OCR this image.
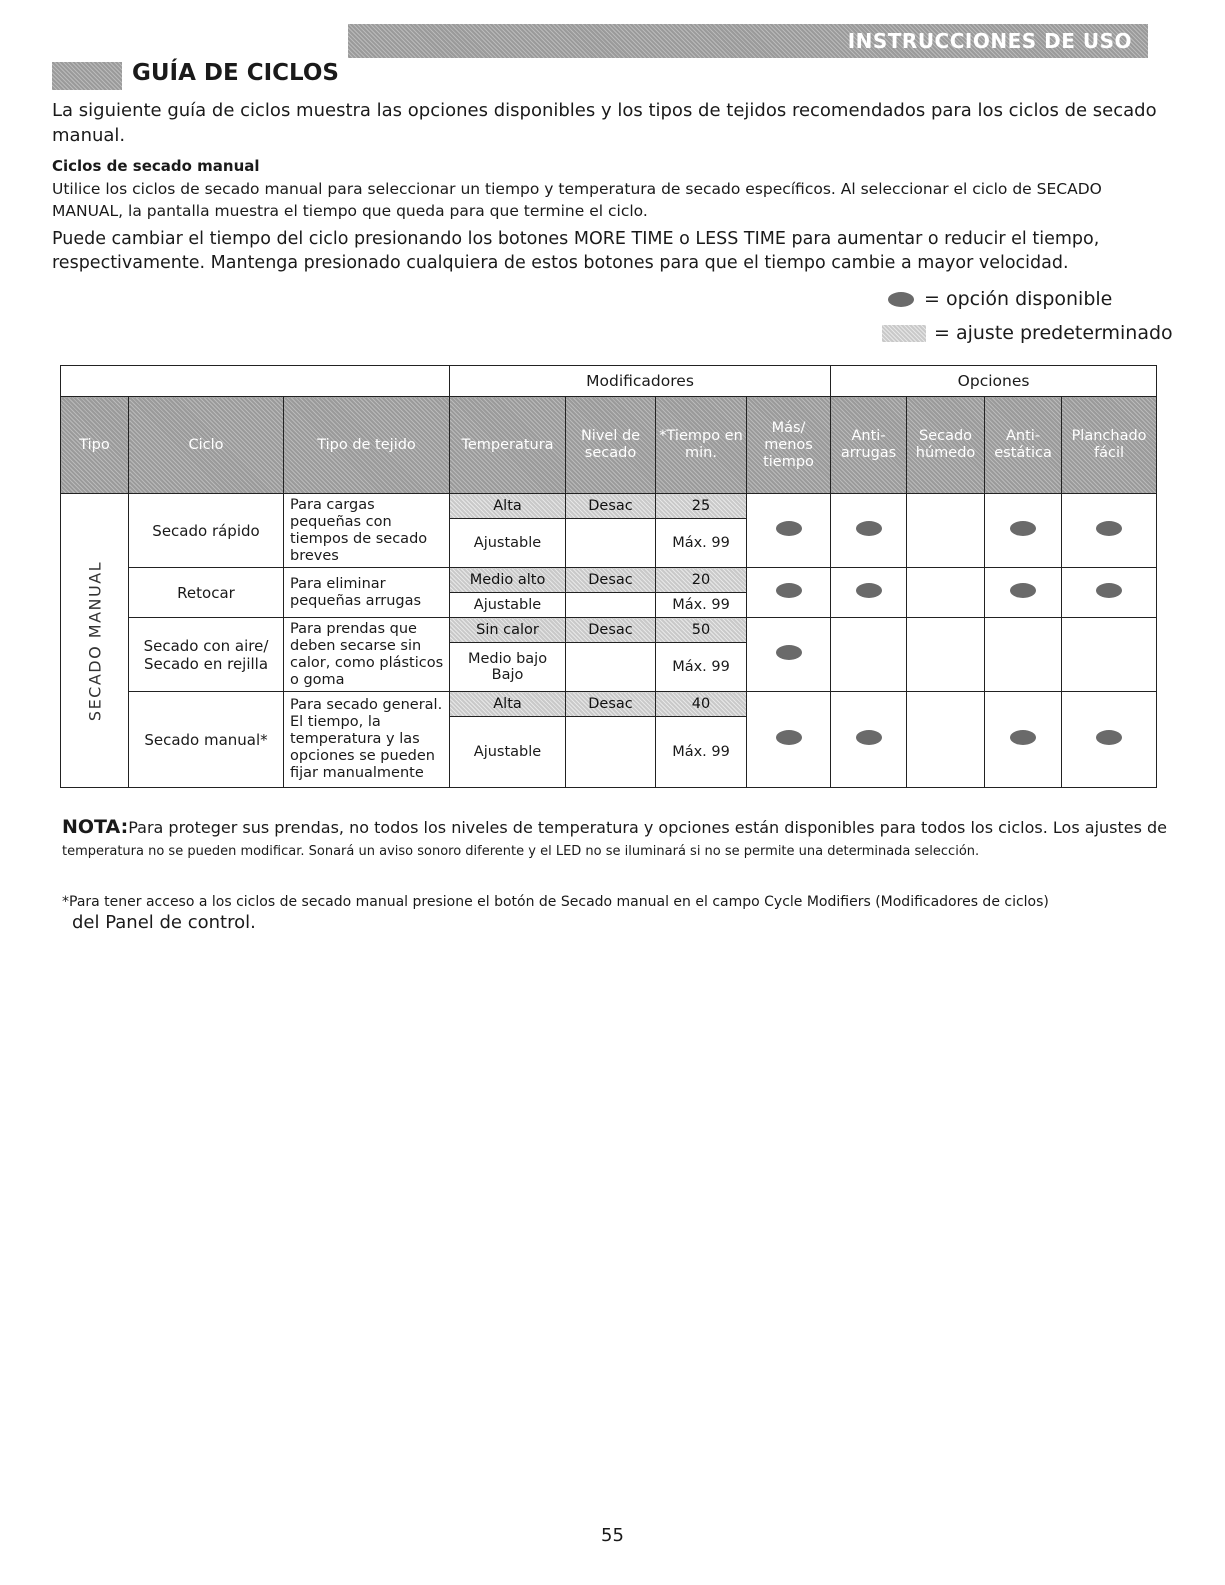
INSTRUCCIONES DE USO
GUÍA DE CICLOS

La siguiente guía de ciclos muestra las opciones disponibles y los tipos de tejidos recomendados para los ciclos de secado manual.

Ciclos de secado manual

Utilice los ciclos de secado manual para seleccionar un tiempo y temperatura de secado específicos. Al seleccionar el ciclo de SECADO MANUAL, la pantalla muestra el tiempo que queda para que termine el ciclo.

Puede cambiar el tiempo del ciclo presionando los botones MORE TIME o LESS TIME para aumentar o reducir el tiempo, respectivamente. Mantenga presionado cualquiera de estos botones para que el tiempo cambie a mayor velocidad.

= opción disponible
= ajuste predeterminado
			Modificadores				Opciones			
Tipo	Ciclo	Tipo de tejido	Temperatura	Nivel de secado	*Tiempo en min.	Más/ menos tiempo	Anti- arrugas	Secado húmedo	Anti- estática	Planchado fácil

SECADO MANUAL	Secado rápido	Para cargas pequeñas con tiempos de secado breves	Alta	Desac	25					
			Ajustable		Máx. 99					
	Retocar	Para eliminar pequeñas arrugas	Medio alto	Desac	20					
			Ajustable		Máx. 99					
	Secado con aire/ Secado en rejilla	Para prendas que deben secarse sin calor, como plásticos o goma	Sin calor	Desac	50					
			Medio bajo Bajo		Máx. 99					
	Secado manual*	Para secado general. El tiempo, la temperatura y las opciones se pueden fijar manualmente	Alta	Desac	40					
			Ajustable		Máx. 99					

NOTA:Para proteger sus prendas, no todos los niveles de temperatura y opciones están disponibles para todos los ciclos. Los ajustes de

temperatura no se pueden modificar. Sonará un aviso sonoro diferente y el LED no se iluminará si no se permite una determinada selección.

*Para tener acceso a los ciclos de secado manual presione el botón de Secado manual en el campo Cycle Modifiers (Modificadores de ciclos)

del Panel de control.

55
